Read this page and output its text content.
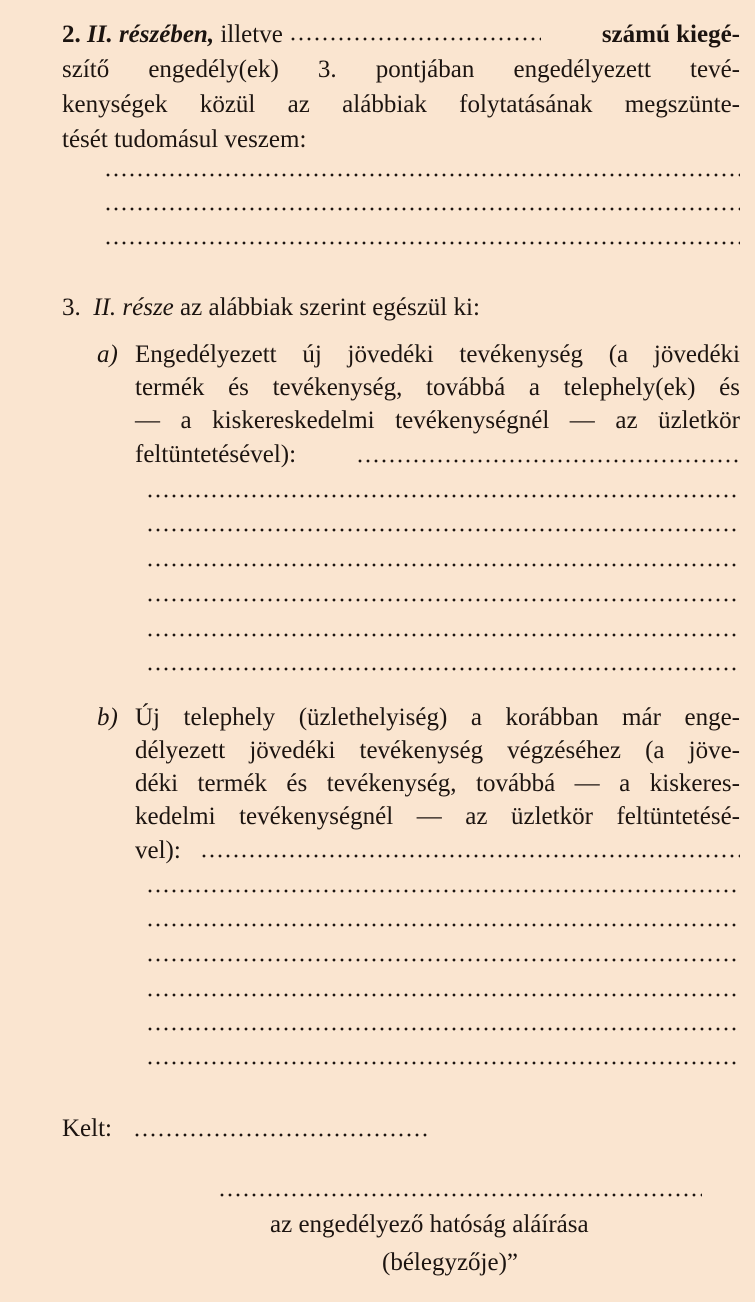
2. II. részében, illetve	számú kiegé-
szítő engedély(ek) 3. pontjában engedélyezett tevé-
kenységek közül az alábbiak folytatásának megszünte-
tését tudomásul veszem:
3. II. része az alábbiak szerint egészül ki:
a) Engedélyezett új jövedéki tevékenység (a jövedéki
termék és tevékenység, továbbá a telephely(ek) és
— a kiskereskedelmi tevékenységnél — az üzletkör
feltüntetésével):
b) Új telephely (üzlethelyiség) a korábban már enge-
délyezett jövedéki tevékenység végzéséhez (a jöve-
déki termék és tevékenység, továbbá — a kiskeres-
kedelmi tevékenységnél — az üzletkör feltüntetésé-
vel):
Kelt:
az engedélyező hatóság aláírása
(bélegyzője)”
